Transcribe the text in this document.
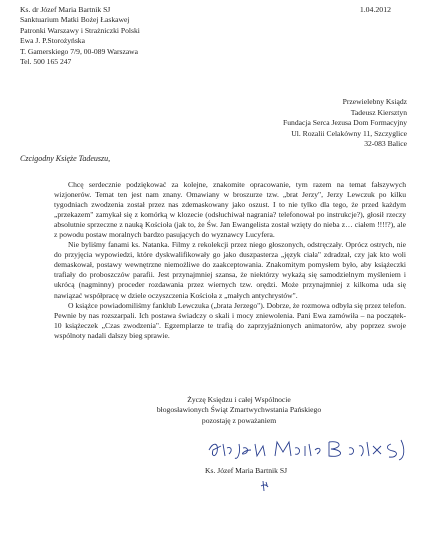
Ks. dr Józef Maria Bartnik SJ
Sanktuarium Matki Bożej Łaskawej
Patronki Warszawy i Strażniczki Polski
Ewa J. P.Storożyńska
T. Gamerskiego 7/9, 00-089 Warszawa
Tel. 500 165 247
1.04.2012
Przewielebny Ksiądz
Tadeusz Kiersztyn
Fundacja Serca Jezusa Dom Formacyjny
Ul. Rozalii Celakówny 11, Szczyglice
32-083 Balice
Czcigodny Księże Tadeuszu,

Chcę serdecznie podziękować za kolejne, znakomite opracowanie, tym razem na temat fałszywych wizjonerów. Temat ten jest nam znany. Omawiany w broszurze tzw. „brat Jerzy", Jerzy Lewczuk po kilku tygodniach zwodzenia został przez nas zdemaskowany jako oszust. I to nie tylko dla tego, że przed każdym „przekazem" zamykał się z komórką w klozecie (odsłuchiwał nagrania? telefonował po instrukcje?), głosił rzeczy absolutnie sprzeczne z nauką Kościoła (jak to, że Św. Jan Ewangelista został wzięty do nieba z… ciałem !!!!?), ale z powodu postaw moralnych bardzo pasujących do wyznawcy Lucyfera.

Nie byliśmy fanami ks. Natanka. Filmy z rekolekcji przez niego głoszonych, odstręczały. Oprócz ostrych, nie do przyjęcia wypowiedzi, które dyskwalifikowały go jako duszpasterza „język ciała" zdradzał, czy jak kto woli demaskował, postawy wewnętrzne niemożliwe do zaakceptowania. Znakomitym pomysłem było, aby książeczki trafiały do proboszczów parafii. Jest przynajmniej szansa, że niektórzy wykażą się samodzielnym myśleniem i ukrócą (nagminny) proceder rozdawania przez wiernych tzw. orędzi. Może przynajmniej z kilkoma uda się nawiązać współpracę w dziele oczyszczenia Kościoła z „małych antychrystów".

O książce powiadomiliśmy fanklub Lewczuka („brata Jerzego"). Dobrze, że rozmowa odbyła się przez telefon. Pewnie by nas rozszarpali. Ich postawa świadczy o skali i mocy zniewolenia. Pani Ewa zamówiła – na początek- 10 książeczek „Czas zwodzenia". Egzemplarze te trafią do zaprzyjaźnionych animatorów, aby poprzez swoje wspólnoty nadali dalszy bieg sprawie.

Życzę Księdzu i całej Wspólnocie
błogosławionych Świąt Zmartwychwstania Pańskiego
pozostaję z poważaniem
Ks. Józef Maria Bartnik SJ
